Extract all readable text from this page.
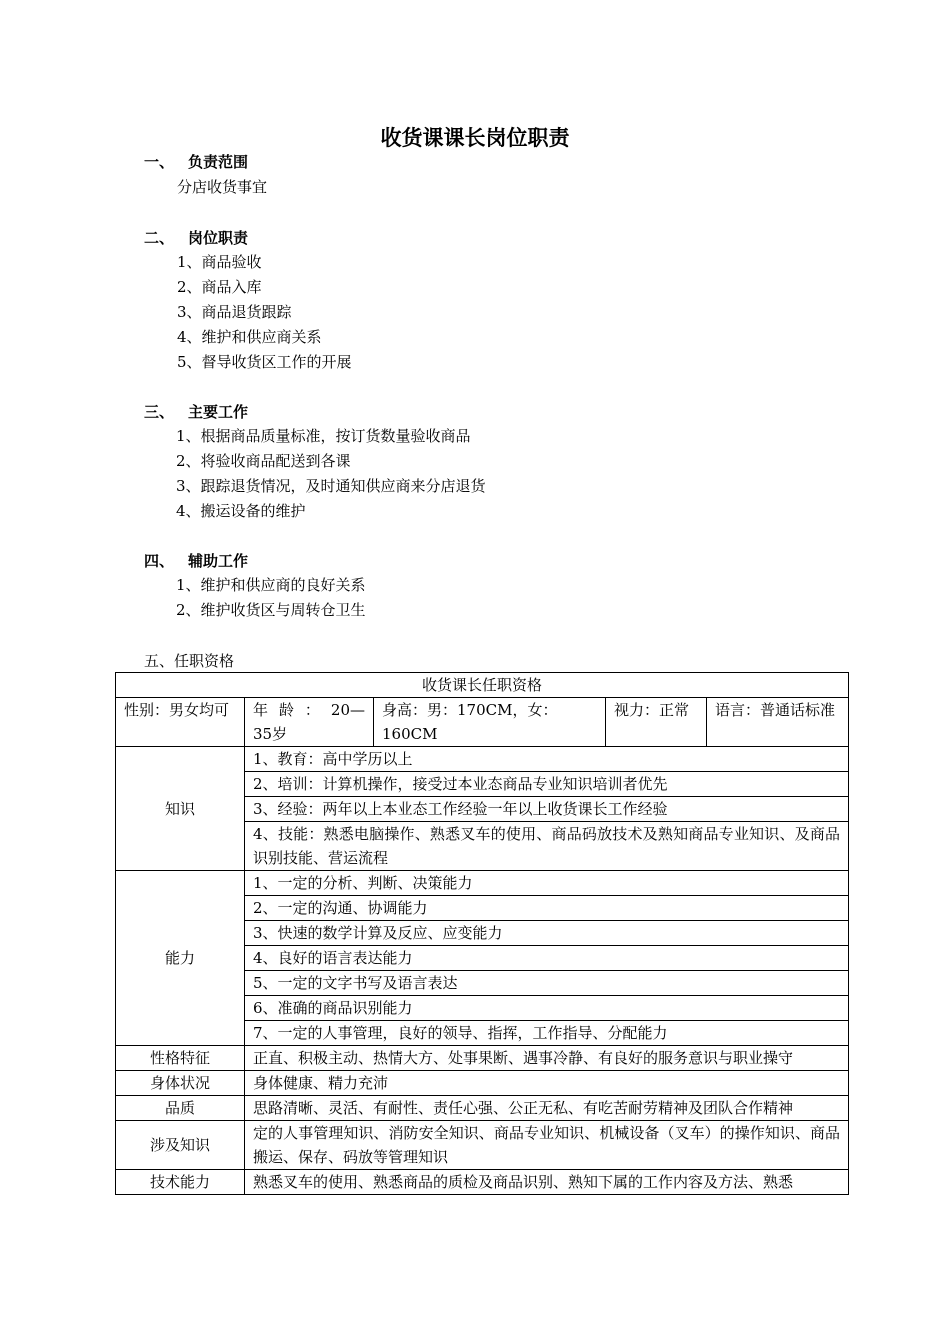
收货课课长岗位职责
一、 负责范围
分店收货事宜
二、 岗位职责
1、商品验收
2、商品入库
3、商品退货跟踪
4、维护和供应商关系
5、督导收货区工作的开展
三、 主要工作
1、根据商品质量标准，按订货数量验收商品
2、将验收商品配送到各课
3、跟踪退货情况，及时通知供应商来分店退货
4、搬运设备的维护
四、 辅助工作
1、维护和供应商的良好关系
2、维护收货区与周转仓卫生
五、任职资格
收货课长任职资格				
性别：男女均可	年 龄 ： 20—35岁	身高：男：170CM，女：160CM	视力：正常	语言：普通话标准
知识	1、教育：高中学历以上			
	2、培训：计算机操作，接受过本业态商品专业知识培训者优先			
	3、经验：两年以上本业态工作经验一年以上收货课长工作经验			
	4、技能：熟悉电脑操作、熟悉叉车的使用、商品码放技术及熟知商品专业知识、及商品识别技能、营运流程			
能力	1、一定的分析、判断、决策能力			
	2、一定的沟通、协调能力			
	3、快速的数学计算及反应、应变能力			
	4、良好的语言表达能力			
	5、一定的文字书写及语言表达			
	6、准确的商品识别能力			
	7、一定的人事管理，良好的领导、指挥，工作指导、分配能力			
性格特征	正直、积极主动、热情大方、处事果断、遇事冷静、有良好的服务意识与职业操守			
身体状况	身体健康、精力充沛			
品质	思路清晰、灵活、有耐性、责任心强、公正无私、有吃苦耐劳精神及团队合作精神			
涉及知识	定的人事管理知识、消防安全知识、商品专业知识、机械设备（叉车）的操作知识、商品搬运、保存、码放等管理知识			
技术能力	熟悉叉车的使用、熟悉商品的质检及商品识别、熟知下属的工作内容及方法、熟悉			
